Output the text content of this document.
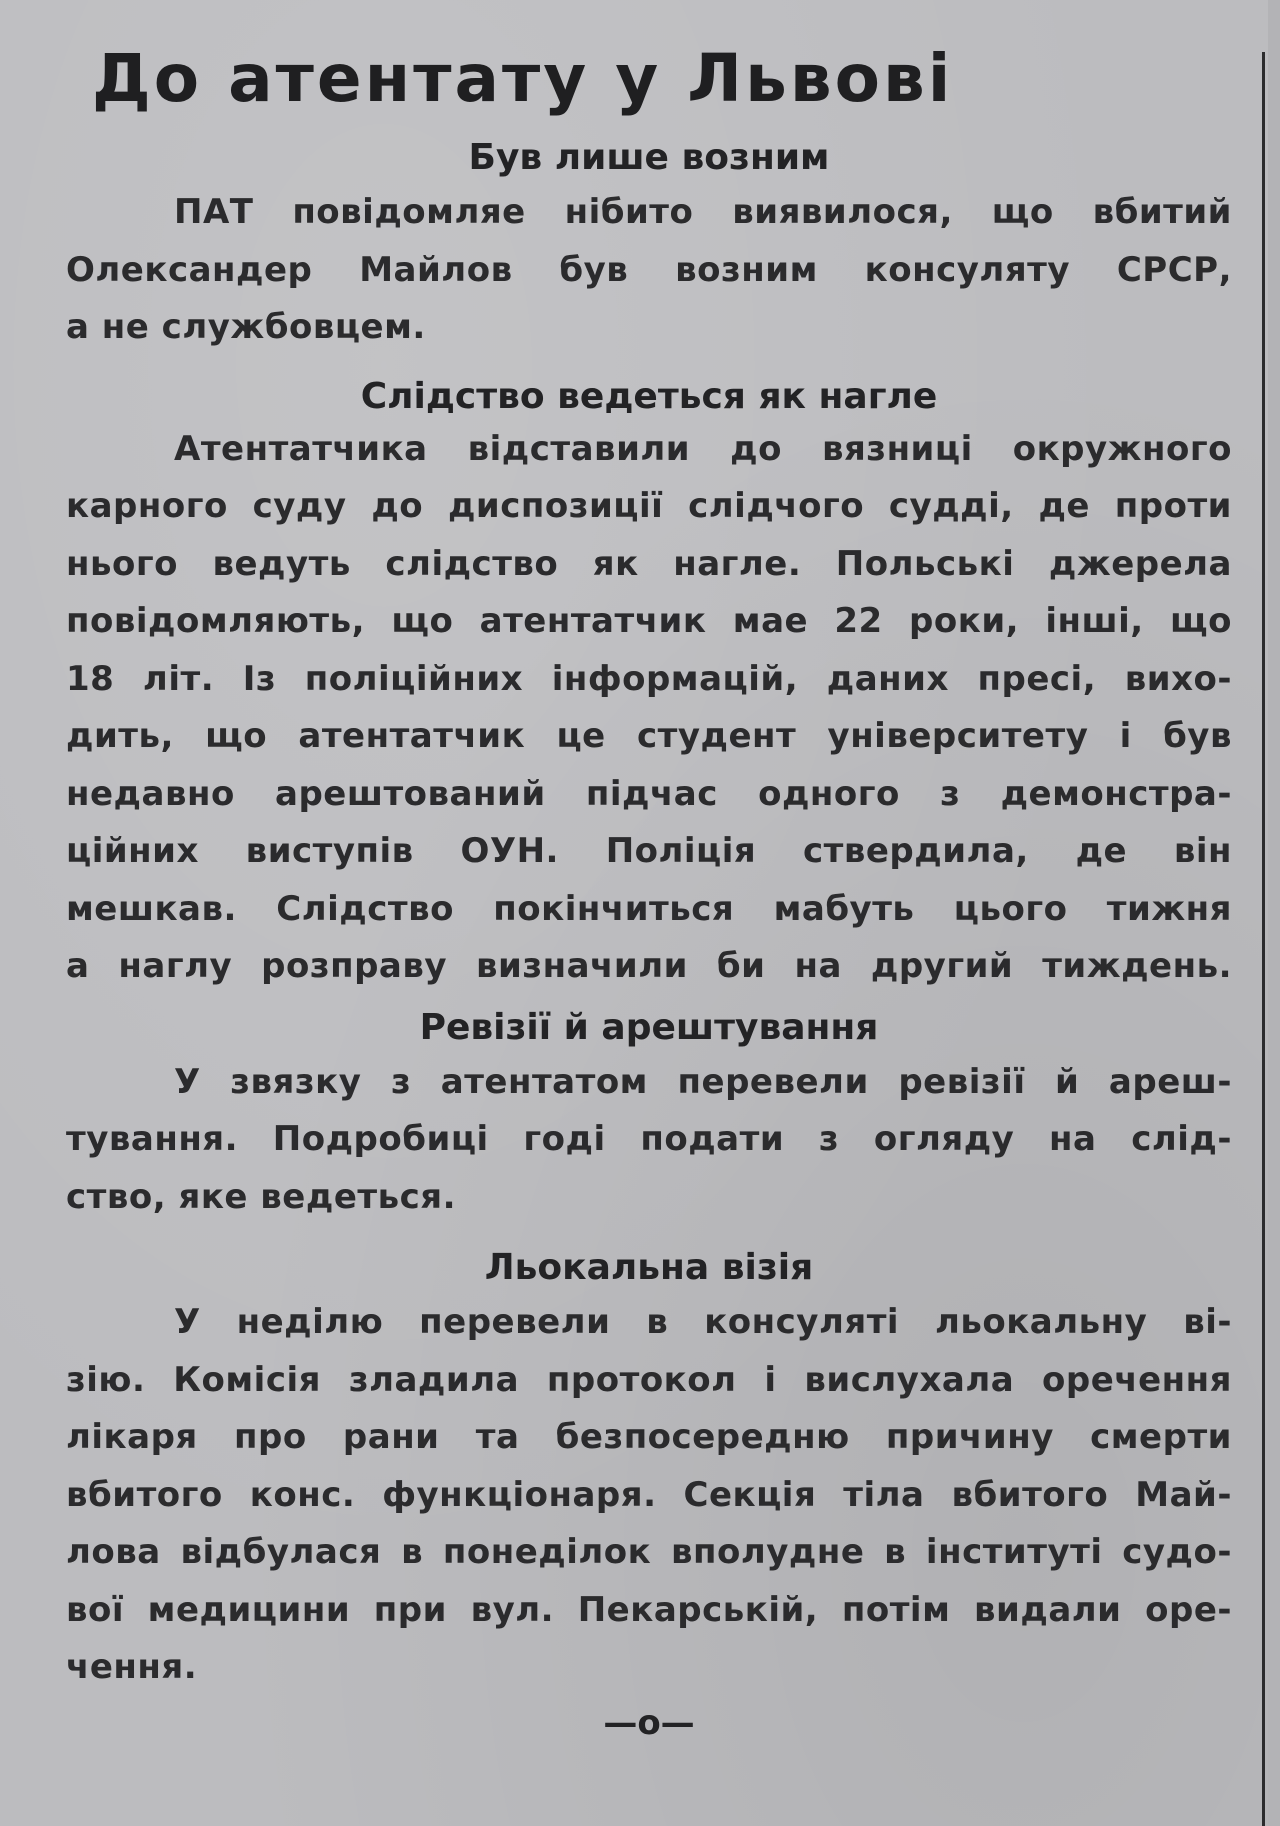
До атентату у Львові
Був лише возним
ПАТ повідомляе нібито виявилося, що вбитий
Олександер Майлов був возним консуляту СРСР,
а не службовцем.
Слідство ведеться як нагле
Атентатчика відставили до вязниці окружного
карного суду до диспозиції слідчого судді, де проти
нього ведуть слідство як нагле. Польські джерела
повідомляють, що атентатчик мае 22 роки, інші, що
18 літ. Із поліційних інформацій, даних пресі, вихо-
дить, що атентатчик це студент університету і був
недавно арештований підчас одного з демонстра-
ційних виступів ОУН. Поліція ствердила, де він
мешкав. Слідство покінчиться мабуть цього тижня
а наглу розправу визначили би на другий тиждень.
Ревізії й арештування
У звязку з атентатом перевели ревізії й ареш-
тування. Подробиці годі подати з огляду на слід-
ство, яке ведеться.
Льокальна візія
У неділю перевели в консуляті льокальну ві-
зію. Комісія зладила протокол і вислухала оречення
лікаря про рани та безпосередню причину смерти
вбитого конс. функціонаря. Секція тіла вбитого Май-
лова відбулася в понеділок вполудне в інституті судо-
вої медицини при вул. Пекарській, потім видали оре-
чення.
—о—
